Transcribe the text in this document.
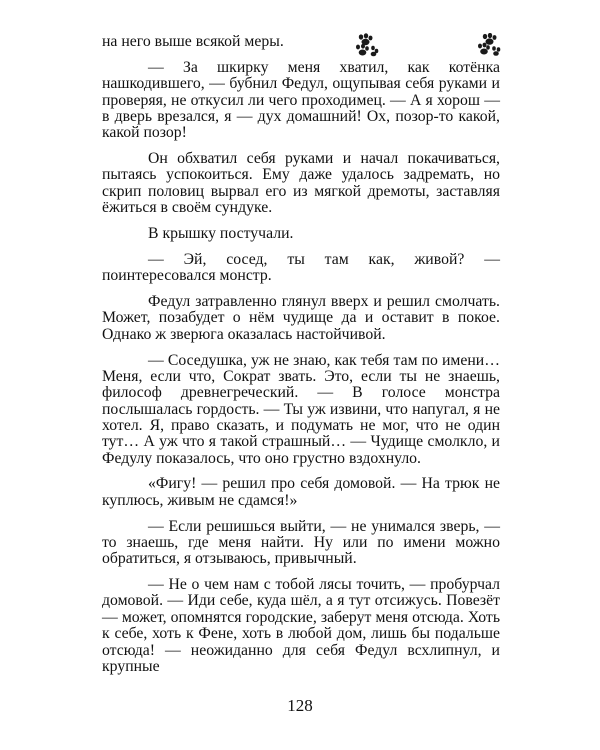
на него выше всякой меры.

— За шкирку меня хватил, как котёнка нашкодившего, — бубнил Федул, ощупывая себя руками и проверяя, не откусил ли чего проходимец. — А я хорош — в дверь врезался, я — дух домашний! Ох, позор-то какой, какой позор!

Он обхватил себя руками и начал покачиваться, пытаясь успокоиться. Ему даже удалось задремать, но скрип половиц вырвал его из мягкой дремоты, заставляя ёжиться в своём сундуке.

В крышку постучали.

— Эй, сосед, ты там как, живой? — поинтересовался монстр.

Федул затравленно глянул вверх и решил смолчать. Может, позабудет о нём чудище да и оставит в покое. Однако ж зверюга оказалась настойчивой.

— Соседушка, уж не знаю, как тебя там по имени… Меня, если что, Сократ звать. Это, если ты не знаешь, философ древнегреческий. — В голосе монстра послышалась гордость. — Ты уж извини, что напугал, я не хотел. Я, право сказать, и подумать не мог, что не один тут… А уж что я такой страшный… — Чудище смолкло, и Федулу показалось, что оно грустно вздохнуло.

«Фигу! — решил про себя домовой. — На трюк не куплюсь, живым не сдамся!»

— Если решишься выйти, — не унимался зверь, — то знаешь, где меня найти. Ну или по имени можно обратиться, я отзываюсь, привычный.

— Не о чем нам с тобой лясы точить, — пробурчал домовой. — Иди себе, куда шёл, а я тут отсижусь. Повезёт — может, опомнятся городские, заберут меня отсюда. Хоть к себе, хоть к Фене, хоть в любой дом, лишь бы подальше отсюда! — неожиданно для себя Федул всхлипнул, и крупные

128
